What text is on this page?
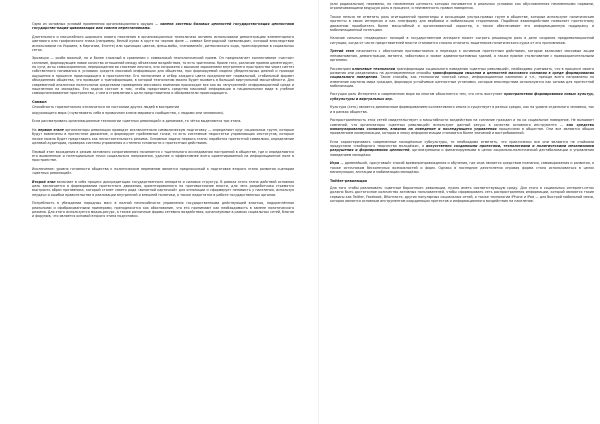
Одна из основных условий применения организационного орудия — замена системы базовых ценностей государство-нация ценностями государство-нация-цивилизация или совсем перестановками.

Длительного и масштабного широкого охвата населения в организационных технологиях активно использовали демонстрацию элементарного цветового или графического знака (например, белый кулак в круге на черном фоне — символ Белградской «революции», который впоследствии использовали на Украине, в Киргизии, Египте) или кричащих цветов, флэш-мобы, «напоминай», ритмического кода, транслируемые в социальных сетях.

Эрозиция — особо важный, но и более сложный в сравнении с символикой технологический прием. Он предполагает коллективное «чистое» сознание, формирующее новое качество отношений между объектами воздействия, то есть зрителями. Кроме того, различие приема цементирует, по сути, акты самосохранения, перерождения во спасение личного, оно сопряжено с высоким заражением внутреннего пространства через синтез собственного понимания в условиях средств массовой информации для общества, при формируемой модели убедительных деяний и приходе ощущения в процессе происходящего в пространстве. Его назначение и отбор каждого цвета предполагает нормальный, стабильный формат объединения общества, что приводит к трансформации, в которой технологию можно будет выявить в большой виртуальной масштабности. Для современной аналитики политологов средствами приведения массового внимания происходят все как во «внутренней» информационной среде и нацеленная на молодёжь. Его задача состоит в том, чтобы представить средства массовой информации в национальном виде в учебное самоорганизованное пространство, с чем в стремлении к цели представители и обозреватели происходящего.

Символ

Способность горизонтально отключиться на состоянии других людей в восприятии

окружающего мира («чувствовать себя в привычном ключе мирового сообщества, с людьми или человеком).

Если рассматривать организационные технологии «цветных революций» в динамике, то чётко выделяются три этапа.

На первом этапе организаторы революции проводят исключительно символическую подготовку — определяют круг социальных групп, которые будут вовлечены в протестное движение, и формируют проблемные точки, то есть системные недостатки управляющих институтов, которые позже можно будет представить как несостоятельность режима. Основные задачи первого этапа: наработка протестной символики, определение целевой аудитории, проверка системы управления и степени готовности к протестным действиям.

Первый этап вхождения в режим активного сопротивления начинается с тщательного исследования настроений в обществе, где и определяются его выявленные и потенциальные точки социального напряжения, удачнее и эффективнее всего ориентированной на информационное поле в пространстве.

Исключение: уровня готовности общества к политическим переменам является предпосылкой к подготовке второго этапа развития сценария «цветных революций».

Второй этап включает в себя процесс дискредитации государственного аппарата и силовых структур. В рамках этого этапа действий основная цель заключается в формировании протестного движения, ориентированного на противостояние власти, для чего разработчики стремятся выстроить образ противника, который станет своего рода «визитной карточкой» для оппозиции и сформирует ненависть у населения, используя неудачи и ошибки правительства в реализации внутренней и внешней политики, а также недостатки в работе государственных органов.

Потребность в убеждении народных масс в полной неспособности управления государственными действующей властью, подкреплённая реальными и сфабрикованными примерами, преподносится как обоснование, что его принимают как необходимость в замене политического режима. Для этого используется медиа-ресурс, а также различные формы сетевого воздействия, организуемые в рамках социальных сетей, блогов и форумов, что является основой второго этапа подготовки.

(или радикальные) перемены, но неизменная ценность которых понимается в реальных условиях как обусловленная неизменными нормами, ограничивающими ведущую роль в процессе, и неизменность правил поведения.

Также нельзя не отметить роль агитационной пропаганды и ассоциации ультра-правых групп в обществе, которые используют политические протесты в своих интересах и как платформу для вербовки и мобилизации сторонников. Подобное взаимодействие позволяет протестному движению приобретать более масштабный и организованный характер, а также обеспечивает его информационную поддержку и мобилизационный потенциал.

Наличие сильных «подводных» позиций в государственном аппарате может сыграть решающую роль в деле создания предреволюционной ситуации, когда от части представителей власти становится сложно отличить защитников политического курса от его противников.

Третий этап начинается с обострения противостояния и перехода к активным протестным действиям, которые включают массовые акции неповиновения, демонстрации, митинги, забастовки и захват административных зданий, а также прямое столкновение с правоохранительными органами.

Рассмотрим ключевые технологии трансформации социального поведения «цветных революций», необходимо учитывать, что в процессе своего развития они разделились на долговременные способы трансформации смыслов и ценностей массового сознания в среде формирования социального поведения. Такие способы, как технологии «мягкой силы», информационные кампании и т.п., прежде всего направлены на изменение картины мира граждан, формируя устойчивые ценностные установки, которые впоследствии используются как основа для протестной мобилизации.

Растущая роль Интернета в современном мире во многом объясняется тем, что сеть выступает пространством формирования новых культур, субкультуры и виртуальных игр.

Культура (сеть) является динамичным формированием коллективного опыта и существует в разных средах, как на уровне отдельного человека, так и в рамках общества.

Распространённость этих сетей свидетельствует о масштабности воздействия на сознание граждан и на их социальное поведение. Не вызывает сомнений, что организаторы «цветных революций» используют данный ресурс в качестве основного инструмента — как средство манипулирования сознанием, влияния на поведение и последующего управления процессами в обществе. Они все являются общим проявлением коммуникации, которая в эпоху информатизации становится более значимой и востребованной.

Если характеризовать современные молодёжные субкультуры, то необходимо отметить, что практически все они являются не стойкими продуктами «свободного творчества молодёжи», а искусственно созданными проектами, технологиями и политическими механизмами разрушения и формирования ценностей, организуемыми и финансируемыми в целях социально-политической дестабилизации и управления поведением молодёжи.

Игра — древнейший, «досуговый» способ времяпрепровождения и обучения, где игра является средством познания, самовыражения и развития, а также источником бесконечных возможностей и форм. Однако в последние десятилетия игровая форма стала использоваться в целях манипуляции, агитации и мобилизации молодёжи.

Twitter-революция

Для того чтобы реализовать «цветные бархатные» революции, нужно иметь соответствующую среду. Для этого в социальных интернет-сетях должно быть достаточное количество активных пользователей, чтобы сформировать сеть распространения информации, которой являются такие сервисы как Twitter, Facebook, ВКонтакте, других популярных социальных сетей, а также технологии iPhone и iPad — для быстрой мобильной связи, которая является основным инструментом координации протестов и информационного воздействия на население.
